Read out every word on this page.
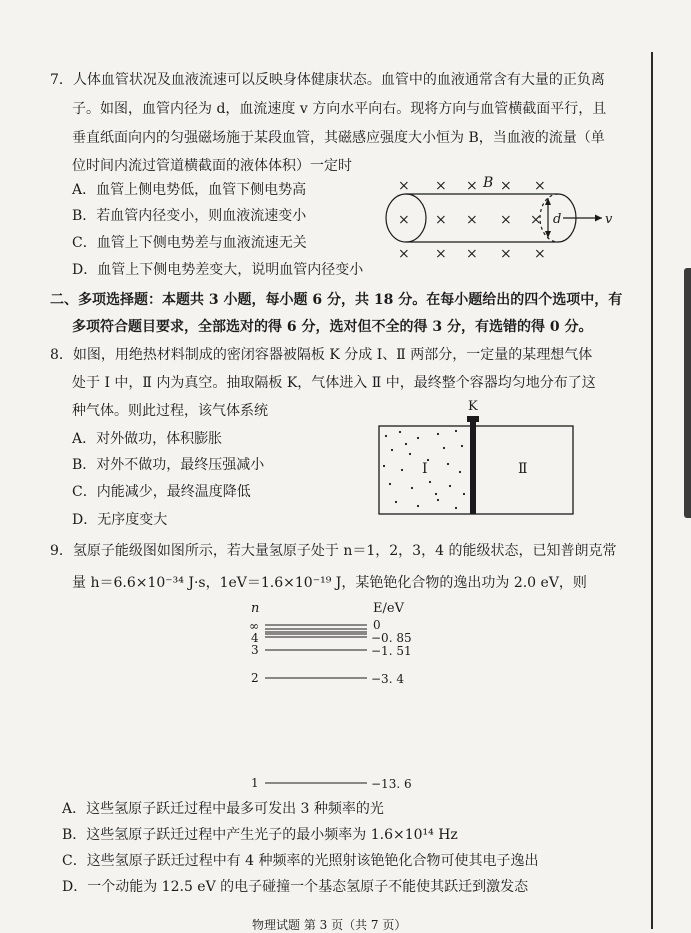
7．人体血管状况及血液流速可以反映身体健康状态。血管中的血液通常含有大量的正负离
子。如图，血管内径为 d，血流速度 v 方向水平向右。现将方向与血管横截面平行，且
垂直纸面向内的匀强磁场施于某段血管，其磁感应强度大小恒为 B，当血液的流量（单
位时间内流过管道横截面的液体体积）一定时
A．血管上侧电势低，血管下侧电势高
B．若血管内径变小，则血液流速变小
C．血管上下侧电势差与血液流速无关
D．血管上下侧电势差变大，说明血管内径变小
× × × × ×
B
× × × × ×
× × × × ×
d	v
二、多项选择题：本题共 3 小题，每小题 6 分，共 18 分。在每小题给出的四个选项中，有
多项符合题目要求，全部选对的得 6 分，选对但不全的得 3 分，有选错的得 0 分。
8．如图，用绝热材料制成的密闭容器被隔板 K 分成 Ⅰ、Ⅱ 两部分，一定量的某理想气体
处于 Ⅰ 中，Ⅱ 内为真空。抽取隔板 K，气体进入 Ⅱ 中，最终整个容器均匀地分布了这
种气体。则此过程，该气体系统
A．对外做功，体积膨胀
B．对外不做功，最终压强减小
C．内能减少，最终温度降低
D．无序度变大
K
Ⅰ	Ⅱ
9．氢原子能级图如图所示，若大量氢原子处于 n＝1，2，3，4 的能级状态，已知普朗克常
量 h＝6.6×10⁻³⁴ J·s，1eV＝1.6×10⁻¹⁹ J，某铯铯化合物的逸出功为 2.0 eV，则
n	E/eV
∞	0
4	−0. 85
3	−1. 51
2	−3. 4
1	−13. 6
A．这些氢原子跃迁过程中最多可发出 3 种频率的光
B．这些氢原子跃迁过程中产生光子的最小频率为 1.6×10¹⁴ Hz
C．这些氢原子跃迁过程中有 4 种频率的光照射该铯铯化合物可使其电子逸出
D．一个动能为 12.5 eV 的电子碰撞一个基态氢原子不能使其跃迁到激发态
物理试题 第 3 页（共 7 页）
